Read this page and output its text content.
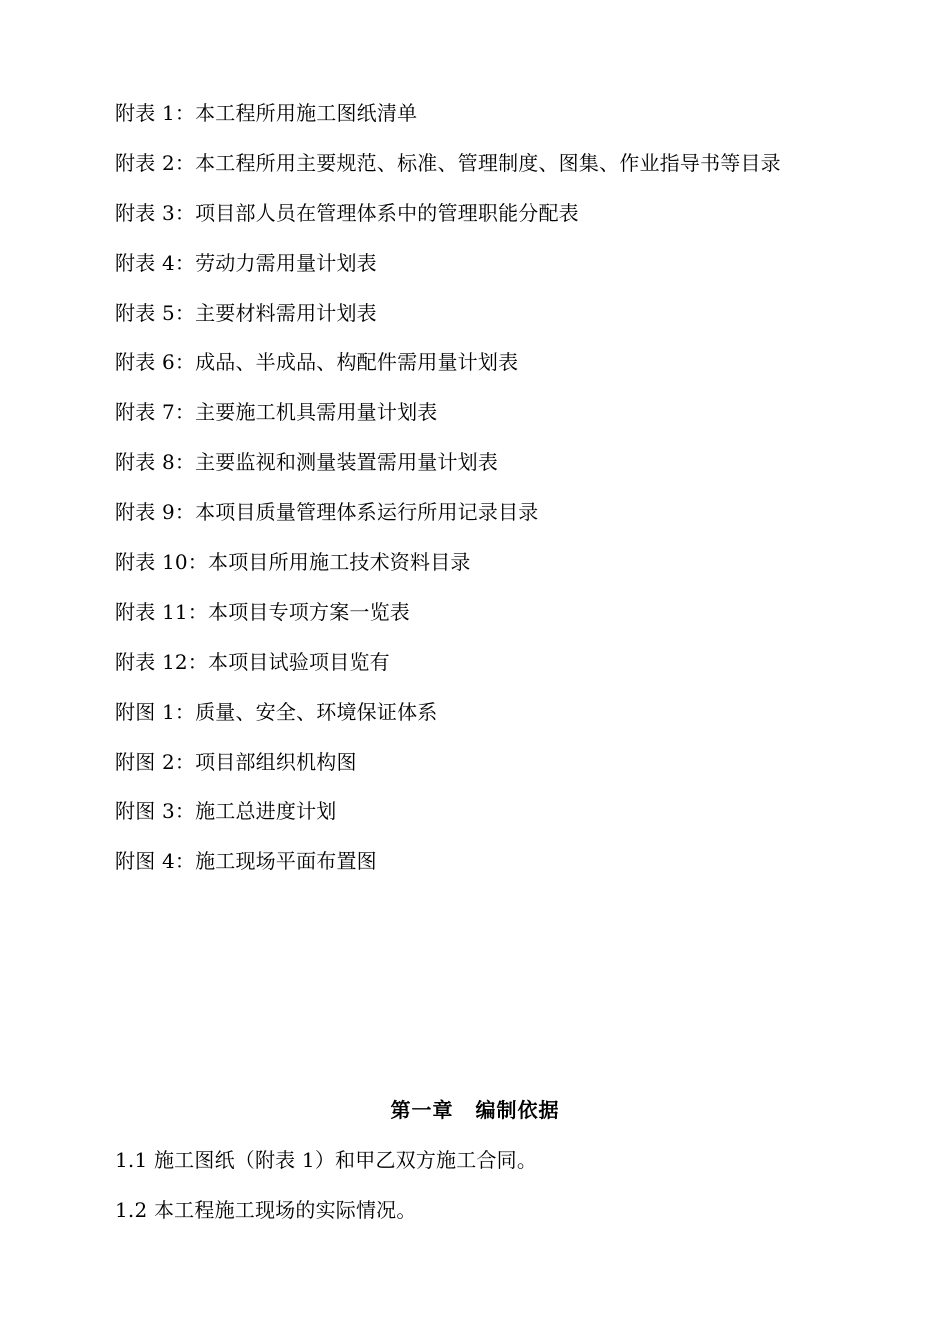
附表 1：本工程所用施工图纸清单
附表 2：本工程所用主要规范、标准、管理制度、图集、作业指导书等目录
附表 3：项目部人员在管理体系中的管理职能分配表
附表 4：劳动力需用量计划表
附表 5：主要材料需用计划表
附表 6：成品、半成品、构配件需用量计划表
附表 7：主要施工机具需用量计划表
附表 8：主要监视和测量装置需用量计划表
附表 9：本项目质量管理体系运行所用记录目录
附表 10：本项目所用施工技术资料目录
附表 11：本项目专项方案一览表
附表 12：本项目试验项目览有
附图 1：质量、安全、环境保证体系
附图 2：项目部组织机构图
附图 3：施工总进度计划
附图 4：施工现场平面布置图
第一章 编制依据
1.1 施工图纸（附表 1）和甲乙双方施工合同。
1.2 本工程施工现场的实际情况。
